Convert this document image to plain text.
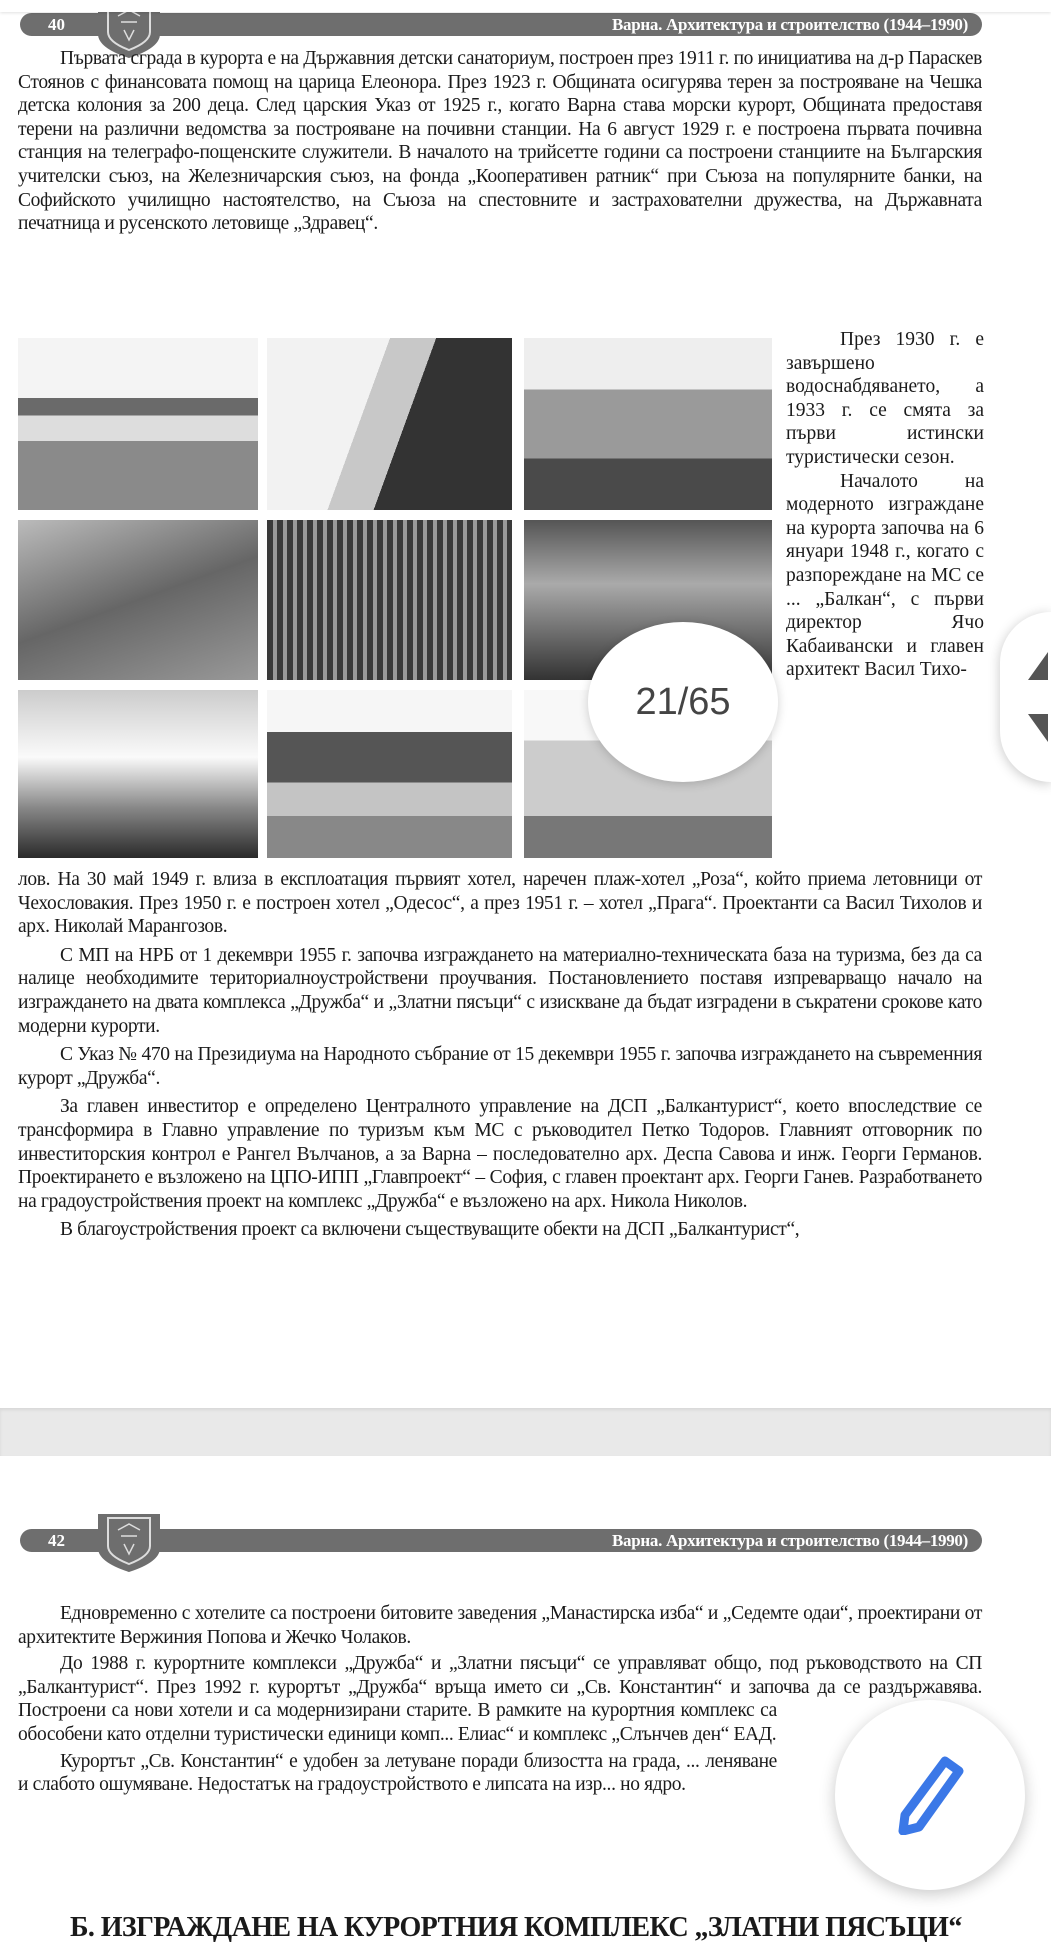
40	Варна. Архитектура и строителство (1944–1990)

Първата сграда в курорта е на Държавния детски санаториум, построен през 1911 г. по инициатива на д-р Параскев Стоянов с финансовата помощ на царица Елеонора. През 1923 г. Общината осигурява терен за построяване на Чешка детска колония за 200 деца. След царския Указ от 1925 г., когато Варна става морски курорт, Общината предоставя терени на различни ведомства за построяване на почивни станции. На 6 август 1929 г. е построена първата почивна станция на телеграфо-пощенските служители. В началото на трийсетте години са построени станциите на Българския учителски съюз, на Железничарския съюз, на фонда „Кооперативен ратник“ при Съюза на популярните банки, на Софийското училищно настоятелство, на Съюза на спестовните и застрахователни дружества, на Държавната печатница и русенското летовище „Здравец“.

През 1930 г. е завършено водоснабдяването, а 1933 г. се смята за първи истински туристически сезон.

Началото на модерното изграждане на курорта започва на 6 януари 1948 г., когато с разпореждане на МС се ... „Балкан“, с първи директор Ячо Кабаивански и главен архитект Васил Тихо-

лов. На 30 май 1949 г. влиза в експлоатация първият хотел, наречен плаж-хотел „Роза“, който приема летовници от Чехословакия. През 1950 г. е построен хотел „Одесос“, а през 1951 г. – хотел „Прага“. Проектанти са Васил Тихолов и арх. Николай Марангозов.

С МП на НРБ от 1 декември 1955 г. започва изграждането на материално-техническата база на туризма, без да са налице необходимите териториалноустройствени проучвания. Постановлението поставя изпреварващо начало на изграждането на двата комплекса „Дружба“ и „Златни пясъци“ с изискване да бъдат изградени в съкратени срокове като модерни курорти.

С Указ № 470 на Президиума на Народното събрание от 15 декември 1955 г. започва изграждането на съвременния курорт „Дружба“.

За главен инвеститор е определено Централното управление на ДСП „Балкантурист“, което впоследствие се трансформира в Главно управление по туризъм към МС с ръководител Петко Тодоров. Главният отговорник по инвеститорския контрол е Рангел Вълчанов, а за Варна – последователно арх. Деспа Савова и инж. Георги Германов. Проектирането е възложено на ЦПО-ИПП „Главпроект“ – София, с главен проектант арх. Георги Ганев. Разработването на градоустройствения проект на комплекс „Дружба“ е възложено на арх. Никола Николов.

В благоустройствения проект са включени съществуващите обекти на ДСП „Балкантурист“,

42	Варна. Архитектура и строителство (1944–1990)

Едновременно с хотелите са построени битовите заведения „Манастирска изба“ и „Седемте одаи“, проектирани от архитектите Вержиния Попова и Жечко Чолаков.

До 1988 г. курортните комплекси „Дружба“ и „Златни пясъци“ се управляват общо, под ръководството на СП „Балкантурист“. През 1992 г. курортът „Дружба“ връща името си „Св. Константин“ и започва да се раздържавява. Построени са нови хотели и са модернизирани старите. В рамките на курортния комплекс са обособени като отделни туристически единици комп... Елиас“ и комплекс „Слънчев ден“ ЕАД.

Курортът „Св. Константин“ е удобен за летуване поради близостта на града, ... леняване и слабото ошумяване. Недостатък на градоустройството е липсата на изр... но ядро.

Б. ИЗГРАЖДАНЕ НА КУРОРТНИЯ КОМПЛЕКС „ЗЛАТНИ ПЯСЪЦИ“
21/65
